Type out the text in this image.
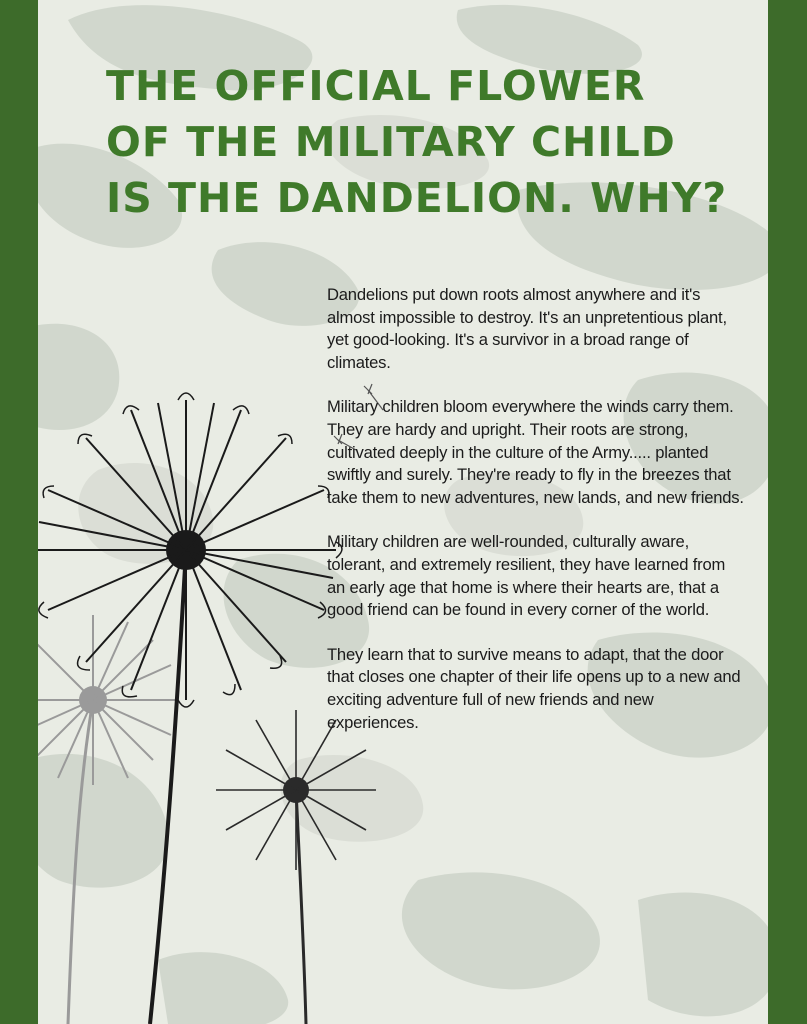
THE OFFICIAL FLOWER
OF THE MILITARY CHILD
IS THE DANDELION. WHY?

Dandelions put down roots almost anywhere and it's almost impossible to destroy. It's an unpretentious plant, yet good-looking. It's a survivor in a broad range of climates.

Military children bloom everywhere the winds carry them. They are hardy and upright. Their roots are strong, cultivated deeply in the culture of the Army..... planted swiftly and surely. They're ready to fly in the breezes that take them to new adventures, new lands, and new friends.

Military children are well-rounded, culturally aware, tolerant, and extremely resilient, they have learned from an early age that home is where their hearts are, that a good friend can be found in every corner of the world.

They learn that to survive means to adapt, that the door that closes one chapter of their life opens up to a new and exciting adventure full of new friends and new experiences.
